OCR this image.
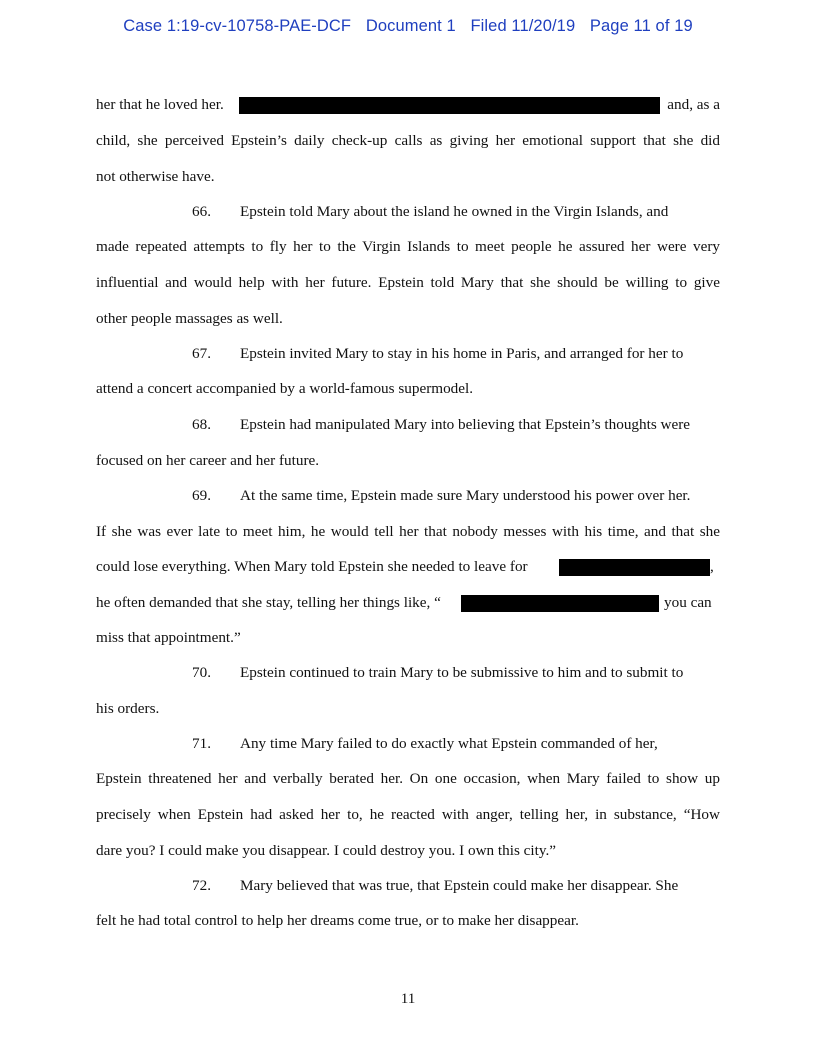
Case 1:19-cv-10758-PAE-DCF Document 1 Filed 11/20/19 Page 11 of 19
her that he loved her.	and, as a
child, she perceived Epstein’s daily check-up calls as giving her emotional support that she did
not otherwise have.
66. Epstein told Mary about the island he owned in the Virgin Islands, and
made repeated attempts to fly her to the Virgin Islands to meet people he assured her were very
influential and would help with her future. Epstein told Mary that she should be willing to give
other people massages as well.
67. Epstein invited Mary to stay in his home in Paris, and arranged for her to
attend a concert accompanied by a world-famous supermodel.
68. Epstein had manipulated Mary into believing that Epstein’s thoughts were
focused on her career and her future.
69. At the same time, Epstein made sure Mary understood his power over her.
If she was ever late to meet him, he would tell her that nobody messes with his time, and that she
could lose everything. When Mary told Epstein she needed to leave for	,
he often demanded that she stay, telling her things like, “	you can
miss that appointment.”
70. Epstein continued to train Mary to be submissive to him and to submit to
his orders.
71. Any time Mary failed to do exactly what Epstein commanded of her,
Epstein threatened her and verbally berated her. On one occasion, when Mary failed to show up
precisely when Epstein had asked her to, he reacted with anger, telling her, in substance, “How
dare you? I could make you disappear. I could destroy you. I own this city.”
72. Mary believed that was true, that Epstein could make her disappear. She
felt he had total control to help her dreams come true, or to make her disappear.
11
